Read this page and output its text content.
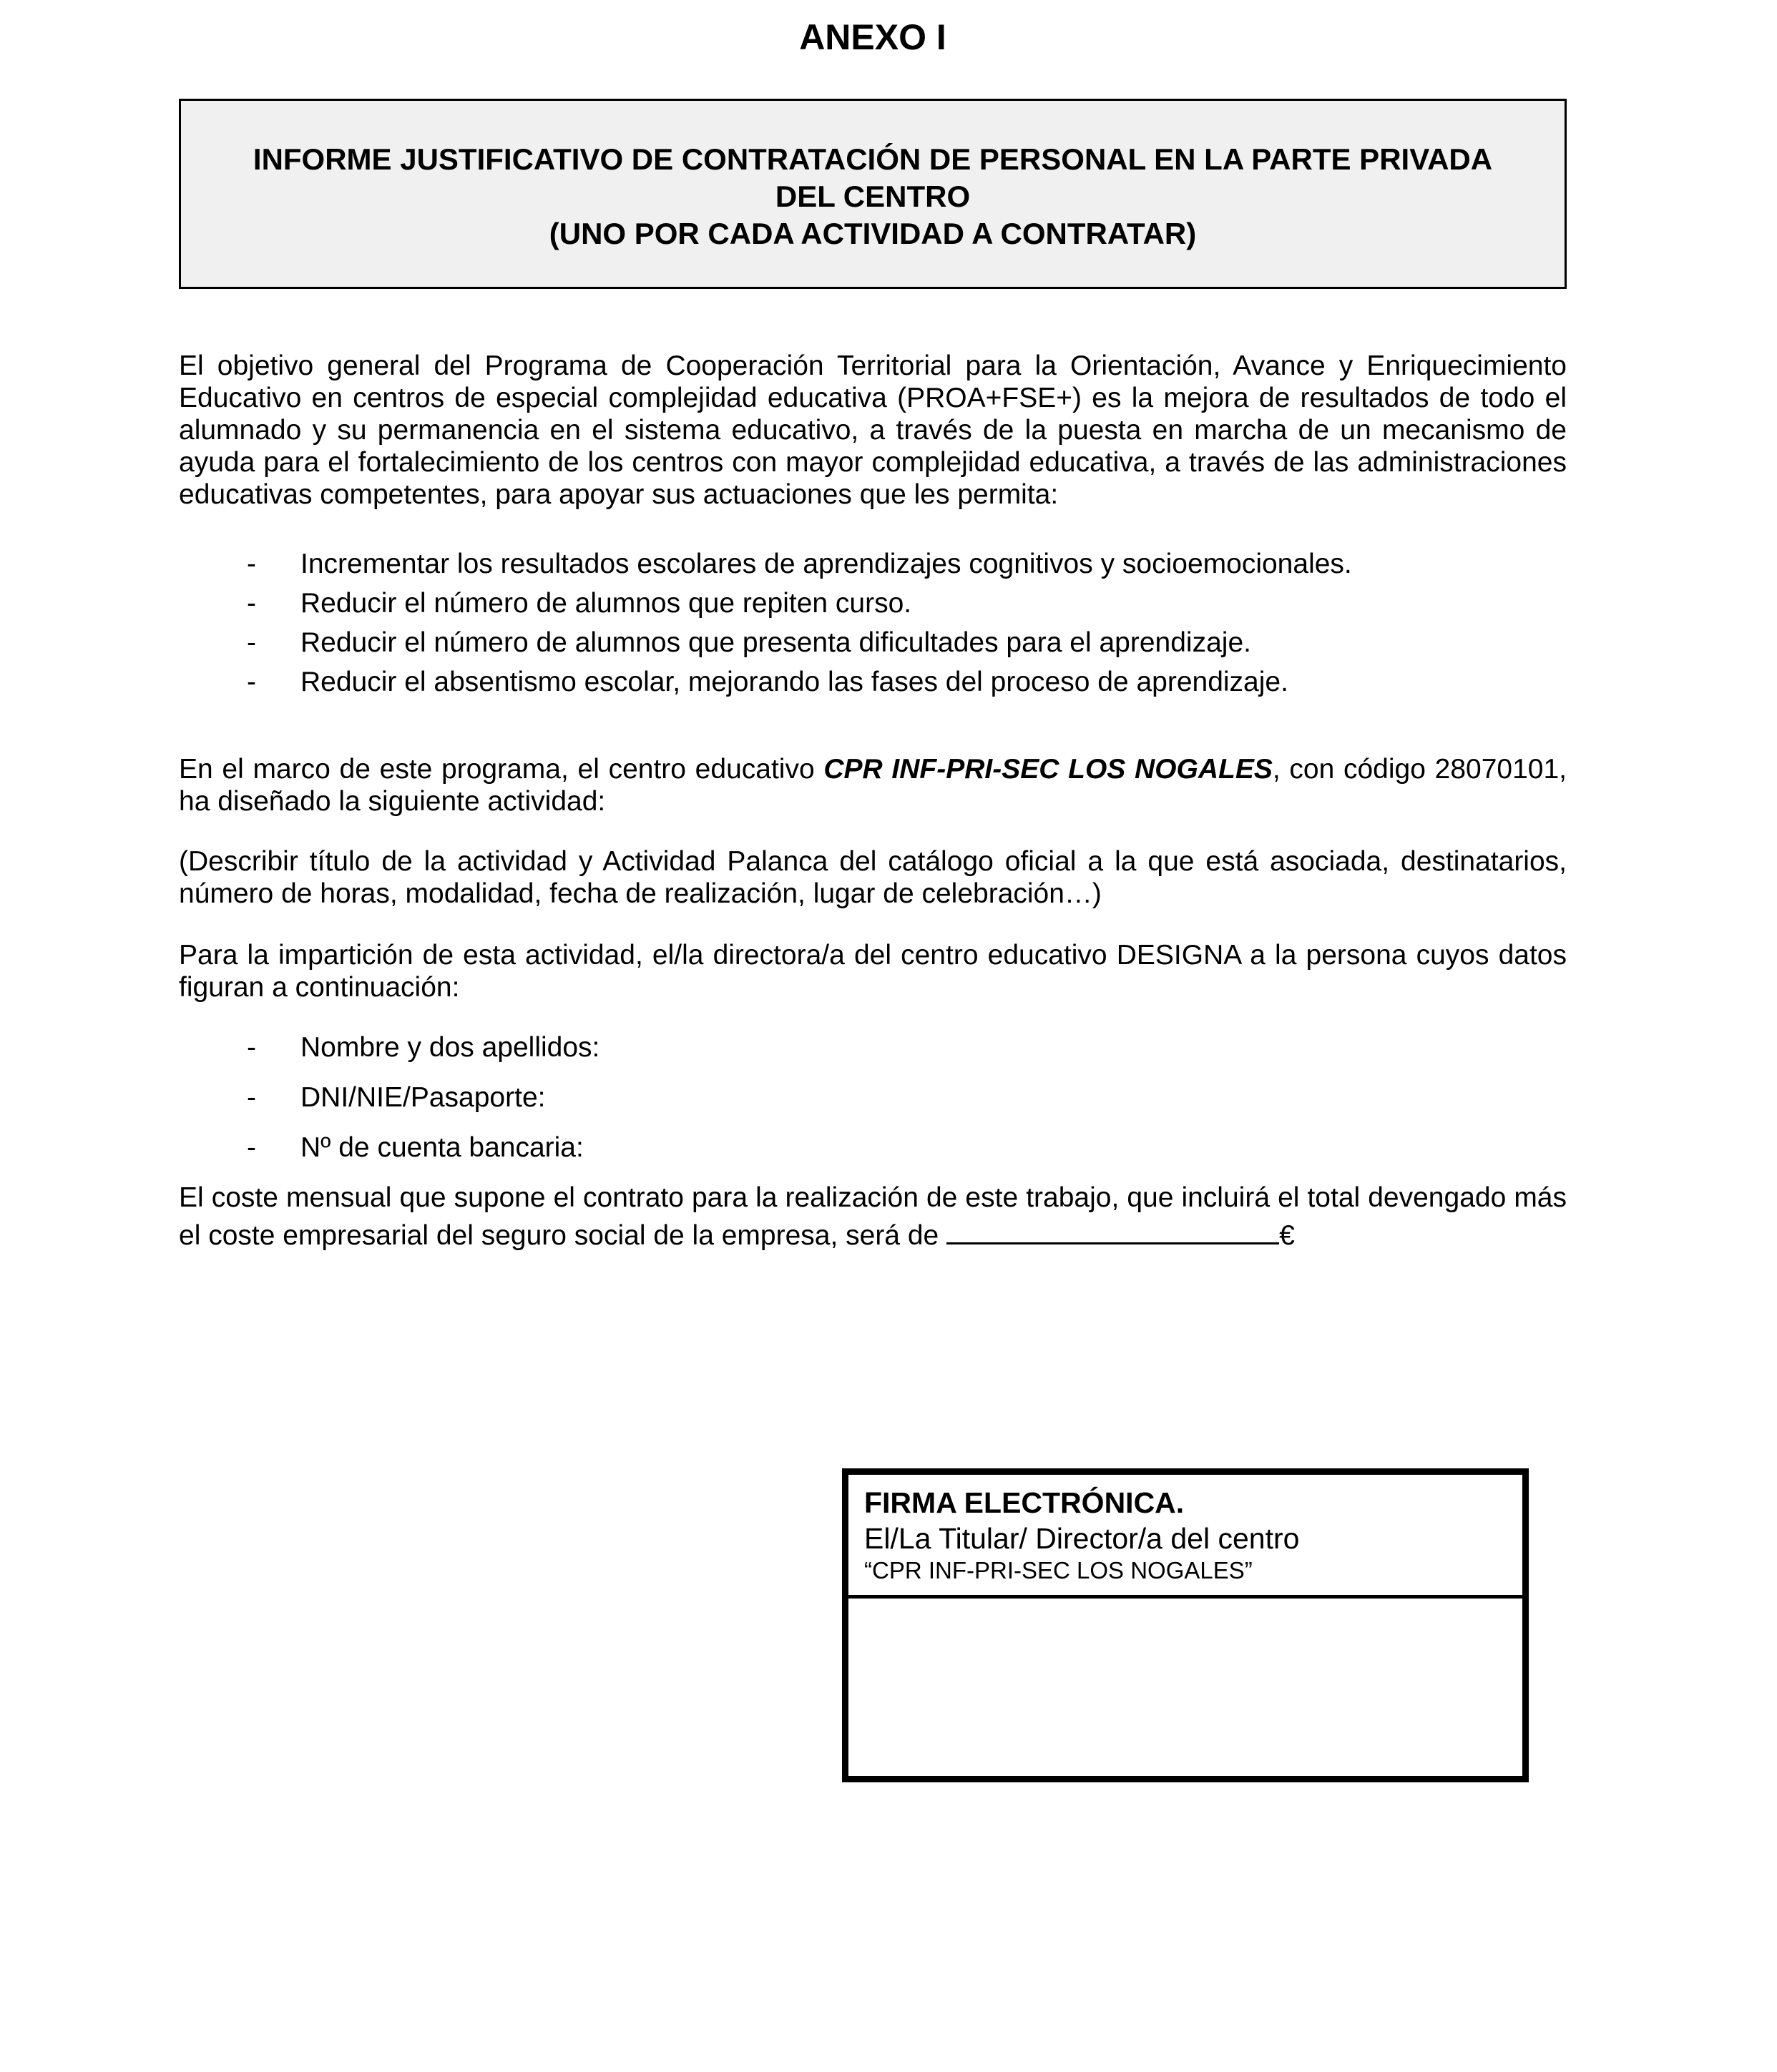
ANEXO I
INFORME JUSTIFICATIVO DE CONTRATACIÓN DE PERSONAL EN LA PARTE PRIVADA
DEL CENTRO
(UNO POR CADA ACTIVIDAD A CONTRATAR)

El objetivo general del Programa de Cooperación Territorial para la Orientación, Avance y Enriquecimiento Educativo en centros de especial complejidad educativa (PROA+FSE+) es la mejora de resultados de todo el alumnado y su permanencia en el sistema educativo, a través de la puesta en marcha de un mecanismo de ayuda para el fortalecimiento de los centros con mayor complejidad educativa, a través de las administraciones educativas competentes, para apoyar sus actuaciones que les permita:

-	Incrementar los resultados escolares de aprendizajes cognitivos y socioemocionales.
-	Reducir el número de alumnos que repiten curso.
-	Reducir el número de alumnos que presenta dificultades para el aprendizaje.
-	Reducir el absentismo escolar, mejorando las fases del proceso de aprendizaje.

En el marco de este programa, el centro educativo CPR INF-PRI-SEC LOS NOGALES, con código 28070101, ha diseñado la siguiente actividad:

(Describir título de la actividad y Actividad Palanca del catálogo oficial a la que está asociada, destinatarios, número de horas, modalidad, fecha de realización, lugar de celebración…)

Para la impartición de esta actividad, el/la directora/a del centro educativo DESIGNA a la persona cuyos datos figuran a continuación:

-	Nombre y dos apellidos:
-	DNI/NIE/Pasaporte:
-	Nº de cuenta bancaria:

El coste mensual que supone el contrato para la realización de este trabajo, que incluirá el total devengado más el coste empresarial del seguro social de la empresa, será de	€

FIRMA ELECTRÓNICA.
El/La Titular/ Director/a del centro
“CPR INF-PRI-SEC LOS NOGALES”
